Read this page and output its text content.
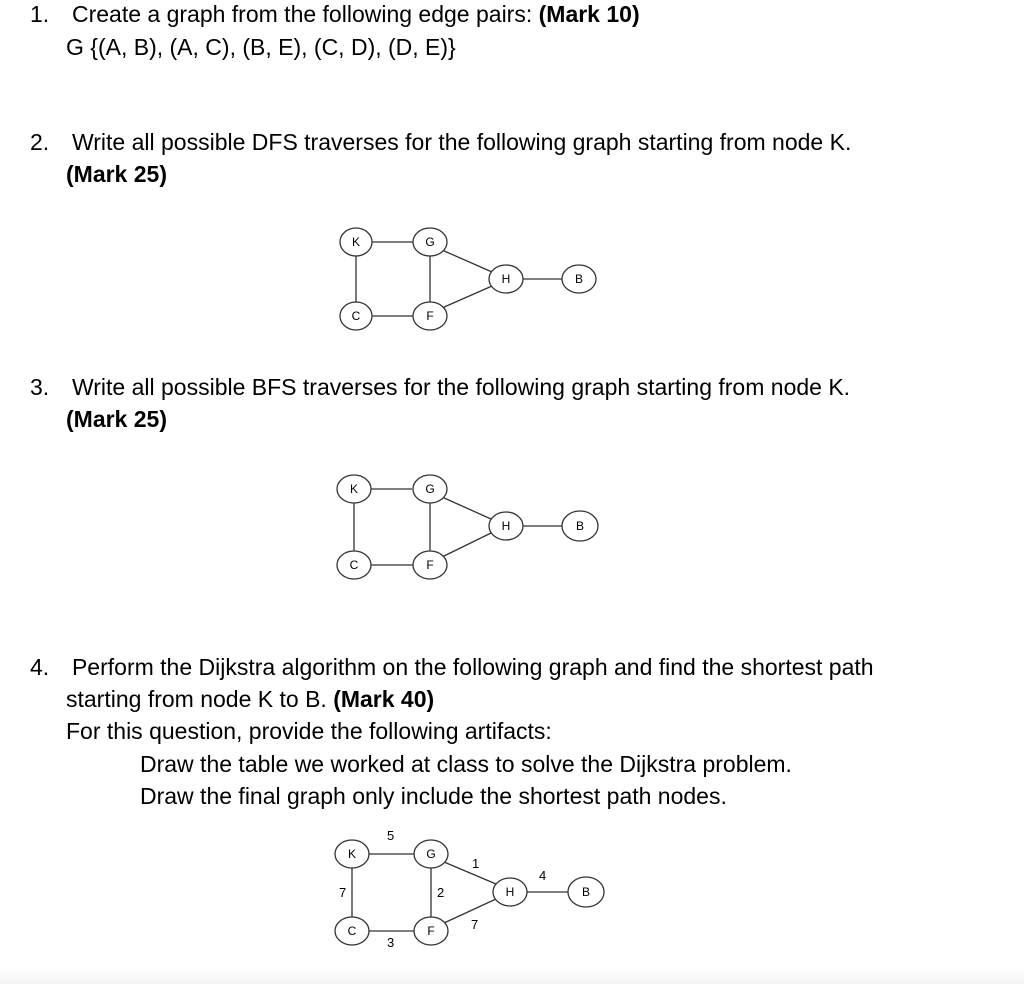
1. Create a graph from the following edge pairs: (Mark 10)
G {(A, B), (A, C), (B, E), (C, D), (D, E)}
2. Write all possible DFS traverses for the following graph starting from node K.
(Mark 25)
K	G
H	B
C	F
3. Write all possible BFS traverses for the following graph starting from node K.
(Mark 25)
K	G
H	B
C	F
4. Perform the Dijkstra algorithm on the following graph and find the shortest path
starting from node K to B. (Mark 40)
For this question, provide the following artifacts:
Draw the table we worked at class to solve the Dijkstra problem.
Draw the final graph only include the shortest path nodes.
K	G
H	B
C	F
5
7
3
2
1
7
4
